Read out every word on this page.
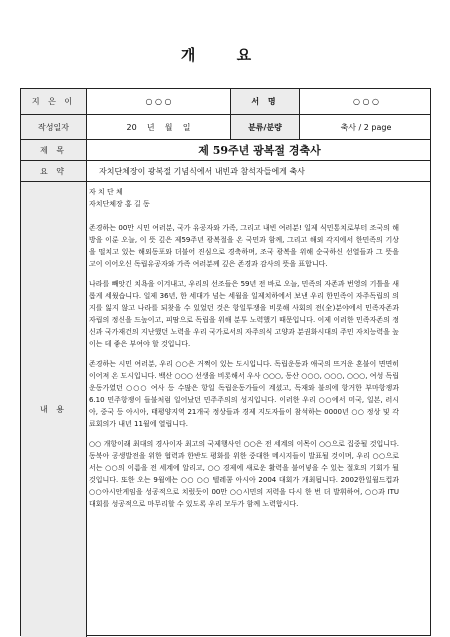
개 요
지 은 이	○ ○ ○	서 명	○ ○ ○
작성일자	20    년    월    일	분류/분량	축사 / 2 page
제 목	제 59주년 광복절 경축사
요 약	자치단체장이 광복절 기념식에서 내빈과 참석자들에게 축사
내 용

자 치 단 체

자치단체장 홍 길 동

존경하는 00만 시민 여러분, 국가 유공자와 가족, 그리고 내빈 여러분! 일제 식민통치로부터 조국의 해방을 이룬 오늘, 이 뜻 깊은 제59주년 광복절을 온 국민과 함께, 그리고 해외 각지에서 한민족의 기상을 떨치고 있는 해외동포와 더불어 진심으로 경축하며, 조국 광복을 위해 순국하신 선열들과 그 뜻을 고이 이어오신 독립유공자와 가족 여러분께 깊은 존경과 감사의 뜻을 표합니다.

나라를 빼앗긴 치욕을 이겨내고, 우리의 선조들은 59년 전 바로 오늘, 민족의 자존과 번영의 기틀을 새롭게 세웠습니다. 일제 36년, 한 세대가 넘는 세월을 일제치하에서 보낸 우리 한민족이 자주독립의 의지를 잃지 않고 나라를 되찾을 수 있었던 것은 항일투쟁을 비롯해 사회의 전(全)분야에서 민족자존과 자립의 정신을 드높이고, 피땀으로 독립을 위해 분투 노력했기 때문입니다. 이제 이러한 민족자존의 정신과 국가재건의 지난했던 노력을 우리 국가로서의 자주의식 고양과 분권화시대의 주민 자치능력을 높이는 데 좋은 부여야 할 것입니다.

존경하는 시민 여러분, 우리 ○○은 거쩍이 있는 도시입니다. 독립운동과 애국의 뜨거운 혼불이 면면히 이어져 온 도시입니다. 백산 ○○○ 선생을 비롯해서 우사 ○○○, 동산 ○○○, ○○○, ○○○, 여성 독립운동가였던 ○○○ 여사 등 수많은 항일 독립운동가들이 계셨고, 독재와 불의에 항거한 부마항쟁과 6.10 민주항쟁이 들불처럼 일어났던 민주주의의 성지입니다. 이러한 우리 ○○에서 미국, 일본, 러시아, 중국 등 아시아, 태평양지역 21개국 정상들과 경제 지도자들이 참석하는 0000년 ○○ 정상 및 각료회의가 내년 11월에 열립니다.

○○ 개항이래 최대의 경사이자 최고의 국제행사인 ○○은 전 세계의 이목이 ○○으로 집중될 것입니다. 동북아 공생발전을 위한 협력과 한반도 평화를 위한 중대한 메시지들이 발표될 것이며, 우리 ○○으로서는 ○○의 이름을 전 세계에 알리고, ○○ 경제에 새로운 활력을 불어넣을 수 있는 절호의 기회가 될 것입니다. 또한 오는 9월에는 ○○ ○○ 텔레콤 아시아 2004 대회가 개최됩니다. 2002한일월드컵과 ○○아시안게임을 성공적으로 치렀듯이 00만 ○○시민의 저력을 다시 한 번 더 발휘하여, ○○과 ITU 대회를 성공적으로 마무리할 수 있도록 우리 모두가 함께 노력합시다.
